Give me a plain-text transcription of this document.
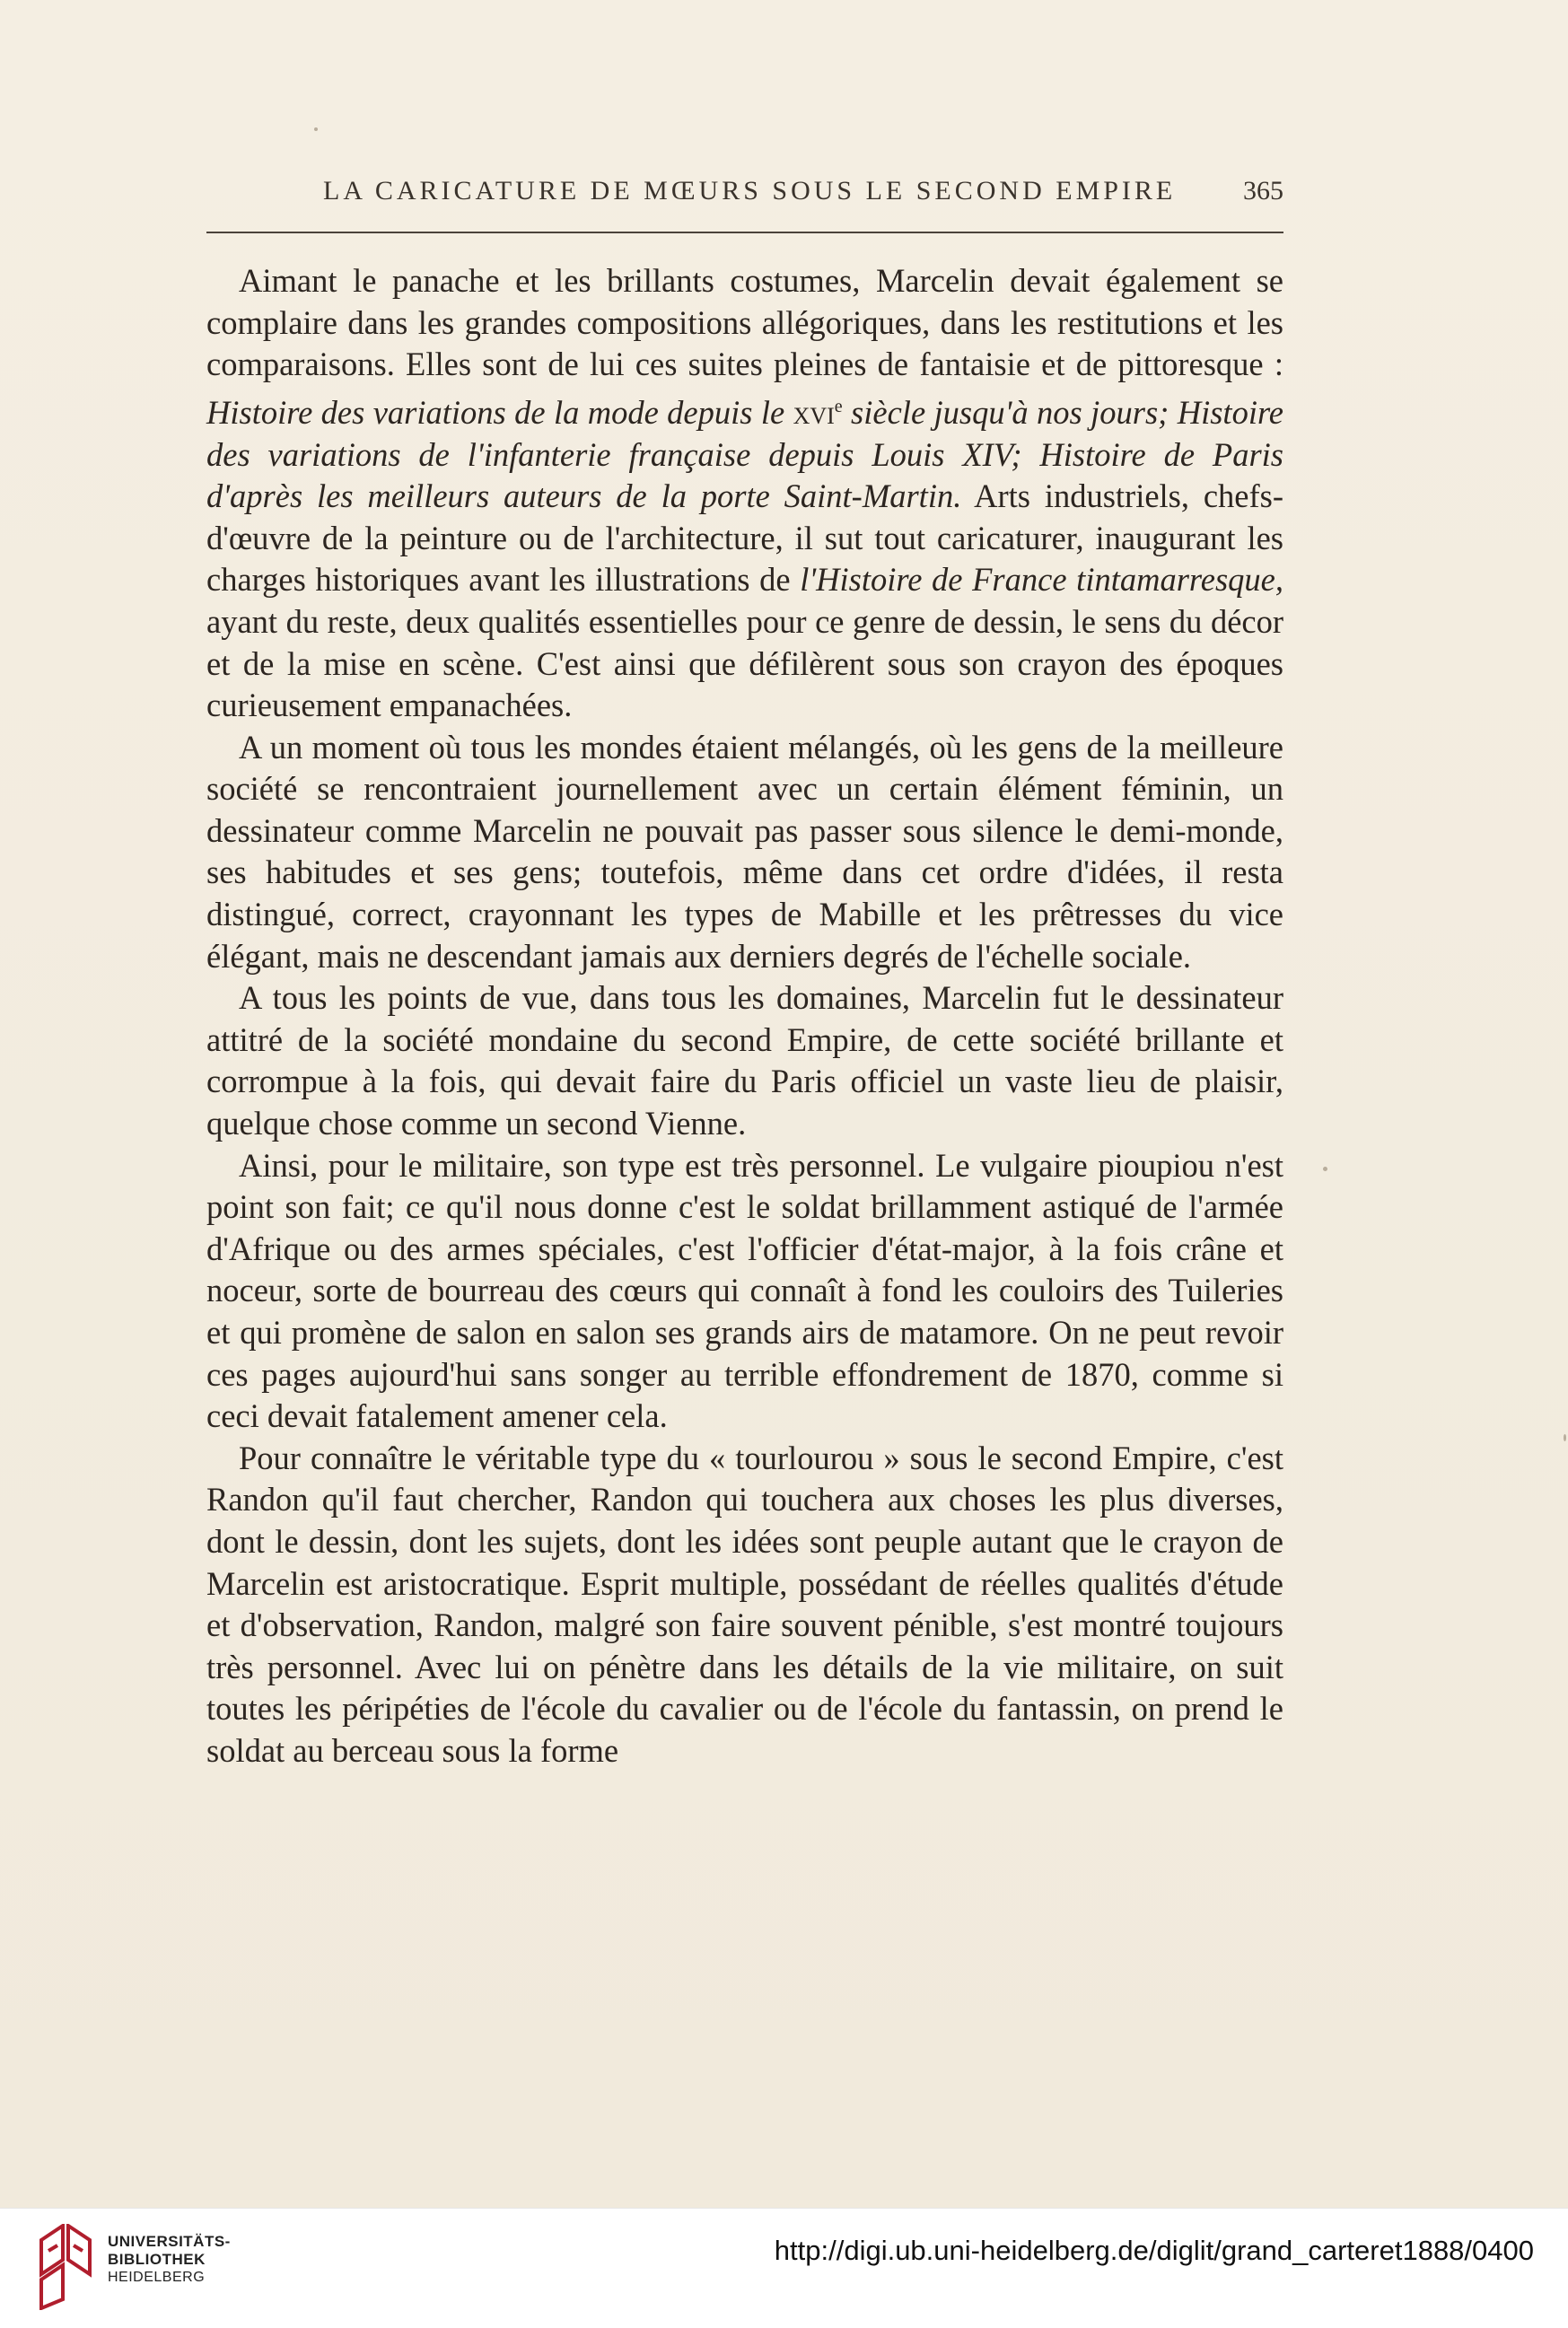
LA CARICATURE DE MŒURS SOUS LE SECOND EMPIRE 365

Aimant le panache et les brillants costumes, Marcelin devait également se complaire dans les grandes compositions allégoriques, dans les restitutions et les comparaisons. Elles sont de lui ces suites pleines de fantaisie et de pittoresque : Histoire des variations de la mode depuis le xvi$^e$ siècle jusqu'à nos jours; Histoire des variations de l'infanterie française depuis Louis XIV; Histoire de Paris d'après les meilleurs auteurs de la porte Saint-Martin. Arts industriels, chefs-d'œuvre de la peinture ou de l'architecture, il sut tout caricaturer, inaugurant les charges historiques avant les illustrations de l'Histoire de France tintamarresque, ayant du reste, deux qualités essentielles pour ce genre de dessin, le sens du décor et de la mise en scène. C'est ainsi que défilèrent sous son crayon des époques curieusement empanachées.

A un moment où tous les mondes étaient mélangés, où les gens de la meilleure société se rencontraient journellement avec un certain élément féminin, un dessinateur comme Marcelin ne pouvait pas passer sous silence le demi-monde, ses habitudes et ses gens; toutefois, même dans cet ordre d'idées, il resta distingué, correct, crayonnant les types de Mabille et les prêtresses du vice élégant, mais ne descendant jamais aux derniers degrés de l'échelle sociale.

A tous les points de vue, dans tous les domaines, Marcelin fut le dessinateur attitré de la société mondaine du second Empire, de cette société brillante et corrompue à la fois, qui devait faire du Paris officiel un vaste lieu de plaisir, quelque chose comme un second Vienne.

Ainsi, pour le militaire, son type est très personnel. Le vulgaire pioupiou n'est point son fait; ce qu'il nous donne c'est le soldat brillamment astiqué de l'armée d'Afrique ou des armes spéciales, c'est l'officier d'état-major, à la fois crâne et noceur, sorte de bourreau des cœurs qui connaît à fond les couloirs des Tuileries et qui promène de salon en salon ses grands airs de matamore. On ne peut revoir ces pages aujourd'hui sans songer au terrible effondrement de 1870, comme si ceci devait fatalement amener cela.

Pour connaître le véritable type du « tourlourou » sous le second Empire, c'est Randon qu'il faut chercher, Randon qui touchera aux choses les plus diverses, dont le dessin, dont les sujets, dont les idées sont peuple autant que le crayon de Marcelin est aristocratique. Esprit multiple, possédant de réelles qualités d'étude et d'observation, Randon, malgré son faire souvent pénible, s'est montré toujours très personnel. Avec lui on pénètre dans les détails de la vie militaire, on suit toutes les péripéties de l'école du cavalier ou de l'école du fantassin, on prend le soldat au berceau sous la forme

UNIVERSITÄTS-
BIBLIOTHEK
HEIDELBERG
http://digi.ub.uni-heidelberg.de/diglit/grand_carteret1888/0400
